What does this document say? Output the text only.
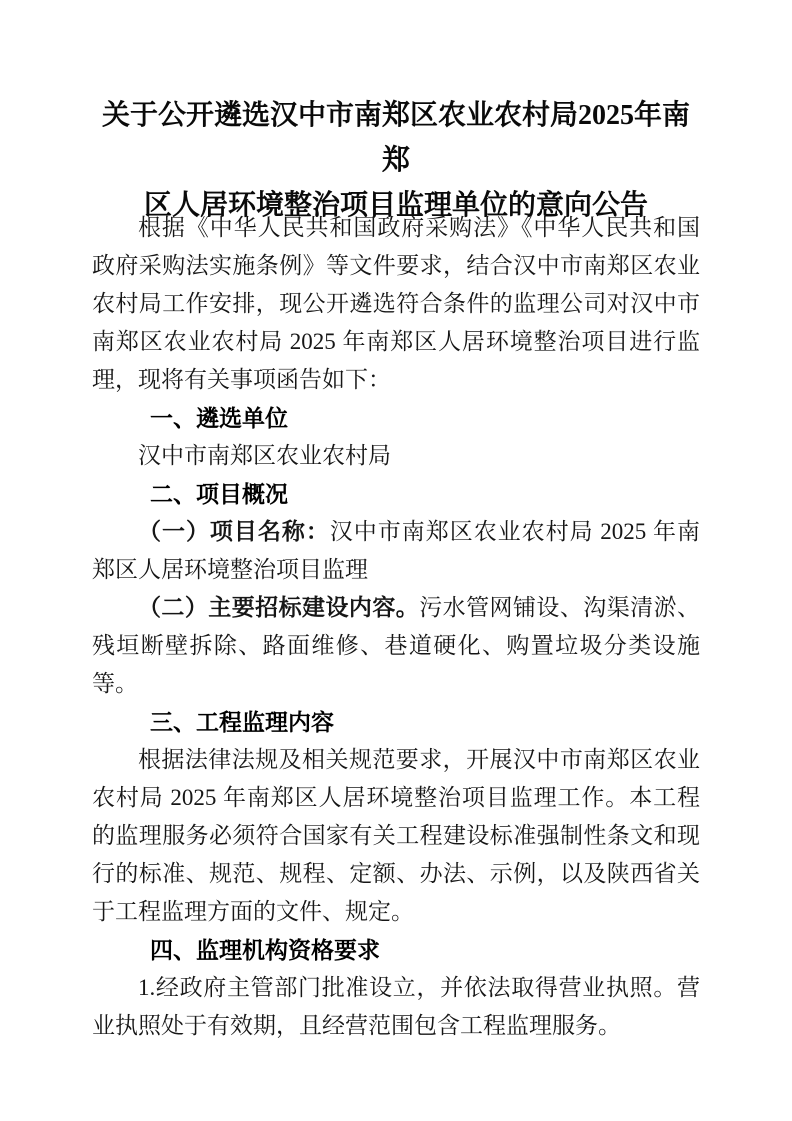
关于公开遴选汉中市南郑区农业农村局2025年南郑
区人居环境整治项目监理单位的意向公告
根据《中华人民共和国政府采购法》《中华人民共和国政府采购法实施条例》等文件要求，结合汉中市南郑区农业农村局工作安排，现公开遴选符合条件的监理公司对汉中市南郑区农业农村局 2025 年南郑区人居环境整治项目进行监理，现将有关事项函告如下：
一、遴选单位
汉中市南郑区农业农村局
二、项目概况
（一）项目名称：汉中市南郑区农业农村局 2025 年南郑区人居环境整治项目监理
（二）主要招标建设内容。污水管网铺设、沟渠清淤、残垣断壁拆除、路面维修、巷道硬化、购置垃圾分类设施等。
三、工程监理内容
根据法律法规及相关规范要求，开展汉中市南郑区农业农村局 2025 年南郑区人居环境整治项目监理工作。本工程的监理服务必须符合国家有关工程建设标准强制性条文和现行的标准、规范、规程、定额、办法、示例，以及陕西省关于工程监理方面的文件、规定。
四、监理机构资格要求
1.经政府主管部门批准设立，并依法取得营业执照。营业执照处于有效期，且经营范围包含工程监理服务。
